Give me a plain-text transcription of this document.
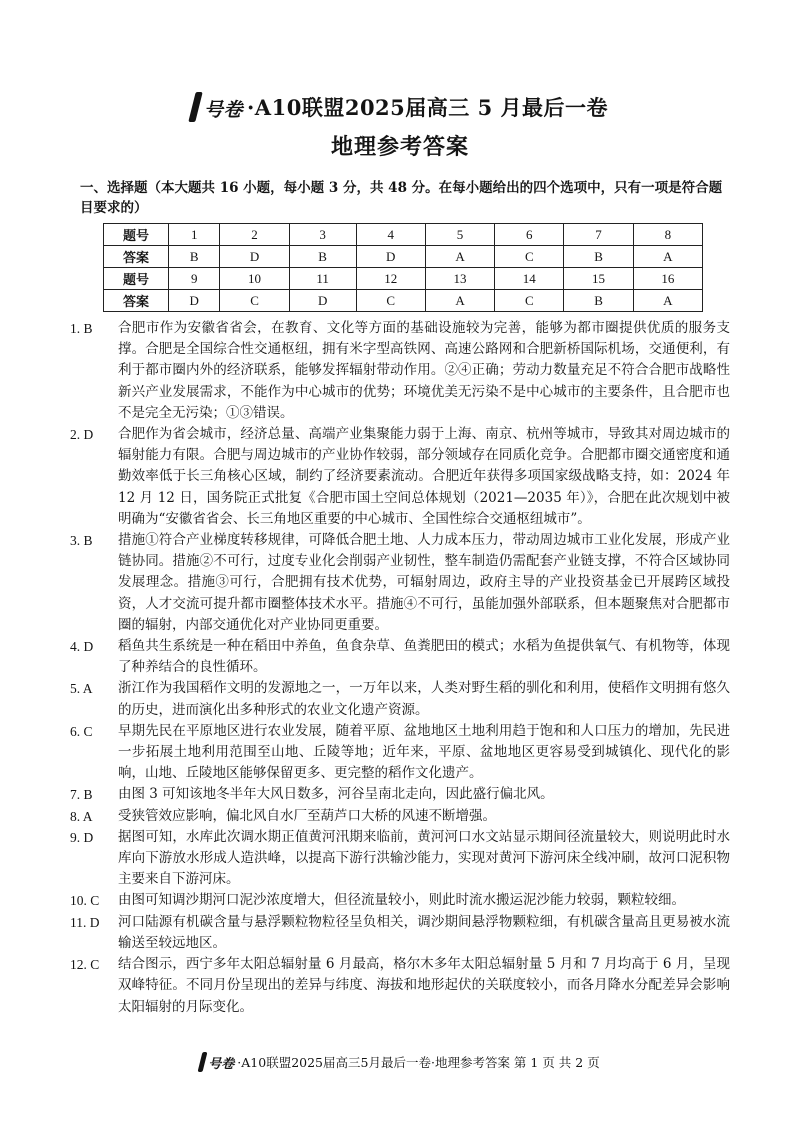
号卷 ·A10联盟2025届高三 5 月最后一卷
地理参考答案
一、选择题（本大题共 16 小题，每小题 3 分，共 48 分。在每小题给出的四个选项中，只有一项是符合题目要求的）
题号	1	2	3	4	5	6	7	8
答案	B	D	B	D	A	C	B	A
题号	9	10	11	12	13	14	15	16
答案	D	C	D	C	A	C	B	A
1. B	合肥市作为安徽省省会，在教育、文化等方面的基础设施较为完善，能够为都市圈提供优质的服务支撑。合肥是全国综合性交通枢纽，拥有米字型高铁网、高速公路网和合肥新桥国际机场，交通便利，有利于都市圈内外的经济联系，能够发挥辐射带动作用。②④正确；劳动力数量充足不符合合肥市战略性新兴产业发展需求，不能作为中心城市的优势；环境优美无污染不是中心城市的主要条件，且合肥市也不是完全无污染；①③错误。
2. D	合肥作为省会城市，经济总量、高端产业集聚能力弱于上海、南京、杭州等城市，导致其对周边城市的辐射能力有限。合肥与周边城市的产业协作较弱，部分领域存在同质化竞争。合肥都市圈交通密度和通勤效率低于长三角核心区域，制约了经济要素流动。合肥近年获得多项国家级战略支持，如：2024 年 12 月 12 日，国务院正式批复《合肥市国土空间总体规划（2021—2035 年）》，合肥在此次规划中被明确为“安徽省省会、长三角地区重要的中心城市、全国性综合交通枢纽城市”。
3. B	措施①符合产业梯度转移规律，可降低合肥土地、人力成本压力，带动周边城市工业化发展，形成产业链协同。措施②不可行，过度专业化会削弱产业韧性，整车制造仍需配套产业链支撑，不符合区域协同发展理念。措施③可行，合肥拥有技术优势，可辐射周边，政府主导的产业投资基金已开展跨区域投资，人才交流可提升都市圈整体技术水平。措施④不可行，虽能加强外部联系，但本题聚焦对合肥都市圈的辐射，内部交通优化对产业协同更重要。
4. D	稻鱼共生系统是一种在稻田中养鱼，鱼食杂草、鱼粪肥田的模式；水稻为鱼提供氧气、有机物等，体现了种养结合的良性循环。
5. A	浙江作为我国稻作文明的发源地之一，一万年以来，人类对野生稻的驯化和利用，使稻作文明拥有悠久的历史，进而演化出多种形式的农业文化遗产资源。
6. C	早期先民在平原地区进行农业发展，随着平原、盆地地区土地利用趋于饱和和人口压力的增加，先民进一步拓展土地利用范围至山地、丘陵等地；近年来，平原、盆地地区更容易受到城镇化、现代化的影响，山地、丘陵地区能够保留更多、更完整的稻作文化遗产。
7. B	由图 3 可知该地冬半年大风日数多，河谷呈南北走向，因此盛行偏北风。
8. A	受狭管效应影响，偏北风自水厂至葫芦口大桥的风速不断增强。
9. D	据图可知，水库此次调水期正值黄河汛期来临前，黄河河口水文站显示期间径流量较大，则说明此时水库向下游放水形成人造洪峰，以提高下游行洪输沙能力，实现对黄河下游河床全线冲刷，故河口泥积物主要来自下游河床。
10. C	由图可知调沙期河口泥沙浓度增大，但径流量较小，则此时流水搬运泥沙能力较弱，颗粒较细。
11. D	河口陆源有机碳含量与悬浮颗粒物粒径呈负相关，调沙期间悬浮物颗粒细，有机碳含量高且更易被水流输送至较远地区。
12. C	结合图示，西宁多年太阳总辐射量 6 月最高，格尔木多年太阳总辐射量 5 月和 7 月均高于 6 月，呈现双峰特征。不同月份呈现出的差异与纬度、海拔和地形起伏的关联度较小，而各月降水分配差异会影响太阳辐射的月际变化。
号卷 ·A10联盟2025届高三5月最后一卷·地理参考答案 第 1 页 共 2 页
